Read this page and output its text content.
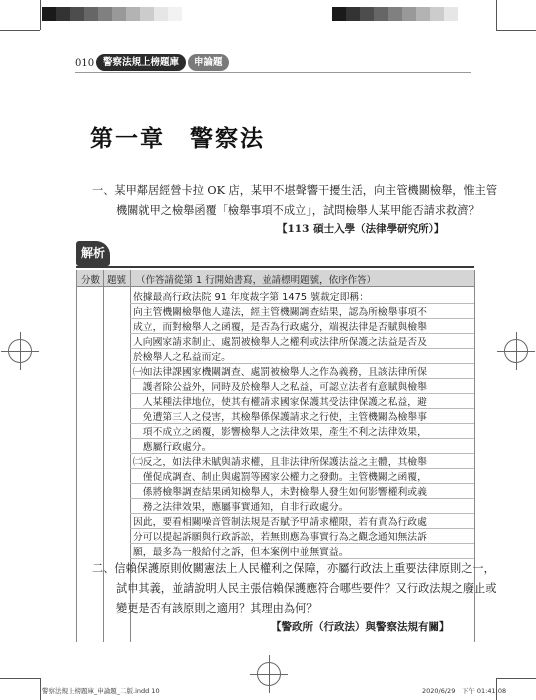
010 警察法規上榜題庫	申論題
第一章　警察法
一、某甲鄰居經營卡拉 OK 店，某甲不堪聲響干擾生活，向主管機關檢舉，惟主管
機關就甲之檢舉函覆「檢舉事項不成立」，試問檢舉人某甲能否請求救濟？
【113 碩士入學（法律學研究所）】
解析
分數 題號 （作答請從第 1 行開始書寫，並請標明題號，依序作答）
依據最高行政法院 91 年度裁字第 1475 號裁定即稱：
向主管機關檢舉他人違法，經主管機關調查結果，認為所檢舉事項不
成立，而對檢舉人之函覆，是否為行政處分，端視法律是否賦與檢舉
人向國家請求制止、處罰被檢舉人之權利或法律所保護之法益是否及
於檢舉人之私益而定。
㈠如法律課國家機關調查、處罰被檢舉人之作為義務，且該法律所保
　護者除公益外，同時及於檢舉人之私益，可認立法者有意賦與檢舉
　人某種法律地位，使其有權請求國家保護其受法律保護之私益，避
　免遭第三人之侵害，其檢舉係保護請求之行使，主管機關為檢舉事
　項不成立之函覆，影響檢舉人之法律效果，產生不利之法律效果，
　應屬行政處分。
㈡反之，如法律未賦與請求權，且非法律所保護法益之主體，其檢舉
　僅促成調查、制止與處罰等國家公權力之發動。主管機關之函覆，
　係將檢舉調查結果函知檢舉人，未對檢舉人發生如何影響權利或義
　務之法律效果，應屬事實通知，自非行政處分。
因此，要看相關噪音管制法規是否賦予甲請求權限，若有責為行政處
分可以提起訴願與行政訴訟，若無則應為事實行為之觀念通知無法訴
願，最多為一般給付之訴，但本案例中並無實益。
二、信賴保護原則攸關憲法上人民權利之保障，亦屬行政法上重要法律原則之一，
試申其義，並請說明人民主張信賴保護應符合哪些要件？又行政法規之廢止或
變更是否有該原則之適用？其理由為何？
【警政所（行政法）與警察法規有關】
警察法規上榜題庫_申論題_二版.indd 10	2020/6/29　下午 01:41:08
